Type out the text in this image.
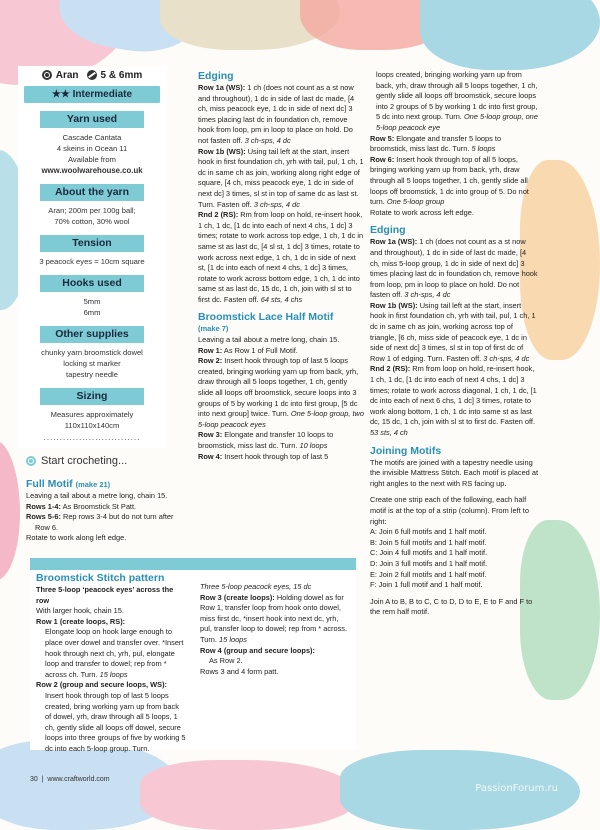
Aran 5 & 6mm
★★ Intermediate
Yarn used
Cascade Cantata
4 skeins in Ocean 11
Available from
www.woolwarehouse.co.uk
About the yarn
Aran; 200m per 100g ball;
70% cotton, 30% wool
Tension
3 peacock eyes = 10cm square
Hooks used
5mm
6mm
Other supplies
chunky yarn broomstick dowel
locking st marker
tapestry needle
Sizing
Measures approximately
110x110x140cm
..............................
Start crocheting...
Full Motif (make 21)

Leaving a tail about a metre long, chain 15.

Rows 1-4: As Broomstick St Patt.

Rows 5-6: Rep rows 3-4 but do not turn after Row 6.

Rotate to work along left edge.

Broomstick Stitch pattern

Three 5-loop ‘peacock eyes’ across the row

With larger hook, chain 15.

Row 1 (create loops, RS):

Elongate loop on hook large enough to place over dowel and transfer over. *Insert hook through next ch, yrh, pul, elongate loop and transfer to dowel; rep from * across ch. Turn. 15 loops

Row 2 (group and secure loops, WS):

Insert hook through top of last 5 loops created, bring working yarn up from back of dowel, yrh, draw through all 5 loops, 1 ch, gently slide all loops off dowel, secure loops into three groups of five by working 5 dc into each 5-loop group. Turn.

Three 5-loop peacock eyes, 15 dc

Row 3 (create loops): Holding dowel as for Row 1, transfer loop from hook onto dowel, miss first dc, *insert hook into next dc, yrh, pul, transfer loop to dowel; rep from * across. Turn. 15 loops

Row 4 (group and secure loops):

As Row 2.

Rows 3 and 4 form patt.

Edging

Row 1a (WS): 1 ch (does not count as a st now and throughout), 1 dc in side of last dc made, [4 ch, miss peacock eye, 1 dc in side of next dc] 3 times placing last dc in foundation ch, remove hook from loop, pm in loop to place on hold. Do not fasten off. 3 ch-sps, 4 dc

Row 1b (WS): Using tail left at the start, insert hook in first foundation ch, yrh with tail, pul, 1 ch, 1 dc in same ch as join, working along right edge of square, [4 ch, miss peacock eye, 1 dc in side of next dc] 3 times, sl st in top of same dc as last st. Turn. Fasten off. 3 ch-sps, 4 dc

Rnd 2 (RS): Rm from loop on hold, re-insert hook, 1 ch, 1 dc, [1 dc into each of next 4 chs, 1 dc] 3 times; rotate to work across top edge, 1 ch, 1 dc in same st as last dc, [4 sl st, 1 dc] 3 times, rotate to work across next edge, 1 ch, 1 dc in side of next st, [1 dc into each of next 4 chs, 1 dc] 3 times, rotate to work across bottom edge, 1 ch, 1 dc into same st as last dc, 15 dc, 1 ch, join with sl st to first dc. Fasten off. 64 sts, 4 chs

Broomstick Lace Half Motif

(make 7)

Leaving a tail about a metre long, chain 15.

Row 1: As Row 1 of Full Motif.

Row 2: Insert hook through top of last 5 loops created, bringing working yarn up from back, yrh, draw through all 5 loops together, 1 ch, gently slide all loops off broomstick, secure loops into 3 groups of 5 by working 1 dc into first group, [5 dc into next group] twice. Turn. One 5-loop group, two 5-loop peacock eyes

Row 3: Elongate and transfer 10 loops to broomstick, miss last dc. Turn. 10 loops

Row 4: Insert hook through top of last 5

loops created, bringing working yarn up from back, yrh, draw through all 5 loops together, 1 ch, gently slide all loops off broomstick, secure loops into 2 groups of 5 by working 1 dc into first group, 5 dc into next group. Turn. One 5-loop group, one 5-loop peacock eye

Row 5: Elongate and transfer 5 loops to broomstick, miss last dc. Turn. 5 loops

Row 6: Insert hook through top of all 5 loops, bringing working yarn up from back, yrh, draw through all 5 loops together, 1 ch, gently slide all loops off broomstick, 1 dc into group of 5. Do not turn. One 5-loop group

Rotate to work across left edge.

Edging

Row 1a (WS): 1 ch (does not count as a st now and throughout), 1 dc in side of last dc made, [4 ch, miss 5-loop group, 1 dc in side of next dc] 3 times placing last dc in foundation ch, remove hook from loop, pm in loop to place on hold. Do not fasten off. 3 ch-sps, 4 dc

Row 1b (WS): Using tail left at the start, insert hook in first foundation ch, yrh with tail, pul, 1 ch, 1 dc in same ch as join, working across top of triangle, [6 ch, miss side of peacock eye, 1 dc in side of next dc] 3 times, sl st in top of first dc of Row 1 of edging. Turn. Fasten off. 3 ch-sps, 4 dc

Rnd 2 (RS): Rm from loop on hold, re-insert hook, 1 ch, 1 dc, [1 dc into each of next 4 chs, 1 dc] 3 times; rotate to work across diagonal, 1 ch, 1 dc, [1 dc into each of next 6 chs, 1 dc] 3 times, rotate to work along bottom, 1 ch, 1 dc into same st as last dc, 15 dc, 1 ch, join with sl st to first dc. Fasten off. 53 sts, 4 ch

Joining Motifs

The motifs are joined with a tapestry needle using the invisible Mattress Stitch. Each motif is placed at right angles to the next with RS facing up.

Create one strip each of the following, each half motif is at the top of a strip (column). From left to right:

A: Join 6 full motifs and 1 half motif.

B: Join 5 full motifs and 1 half motif.

C: Join 4 full motifs and 1 half motif.

D: Join 3 full motifs and 1 half motif.

E: Join 2 full motifs and 1 half motif.

F: Join 1 full motif and 1 half motif.

Join A to B, B to C, C to D, D to E, E to F and F to the rem half motif.

30  |  www.craftworld.com
PassionForum.ru
